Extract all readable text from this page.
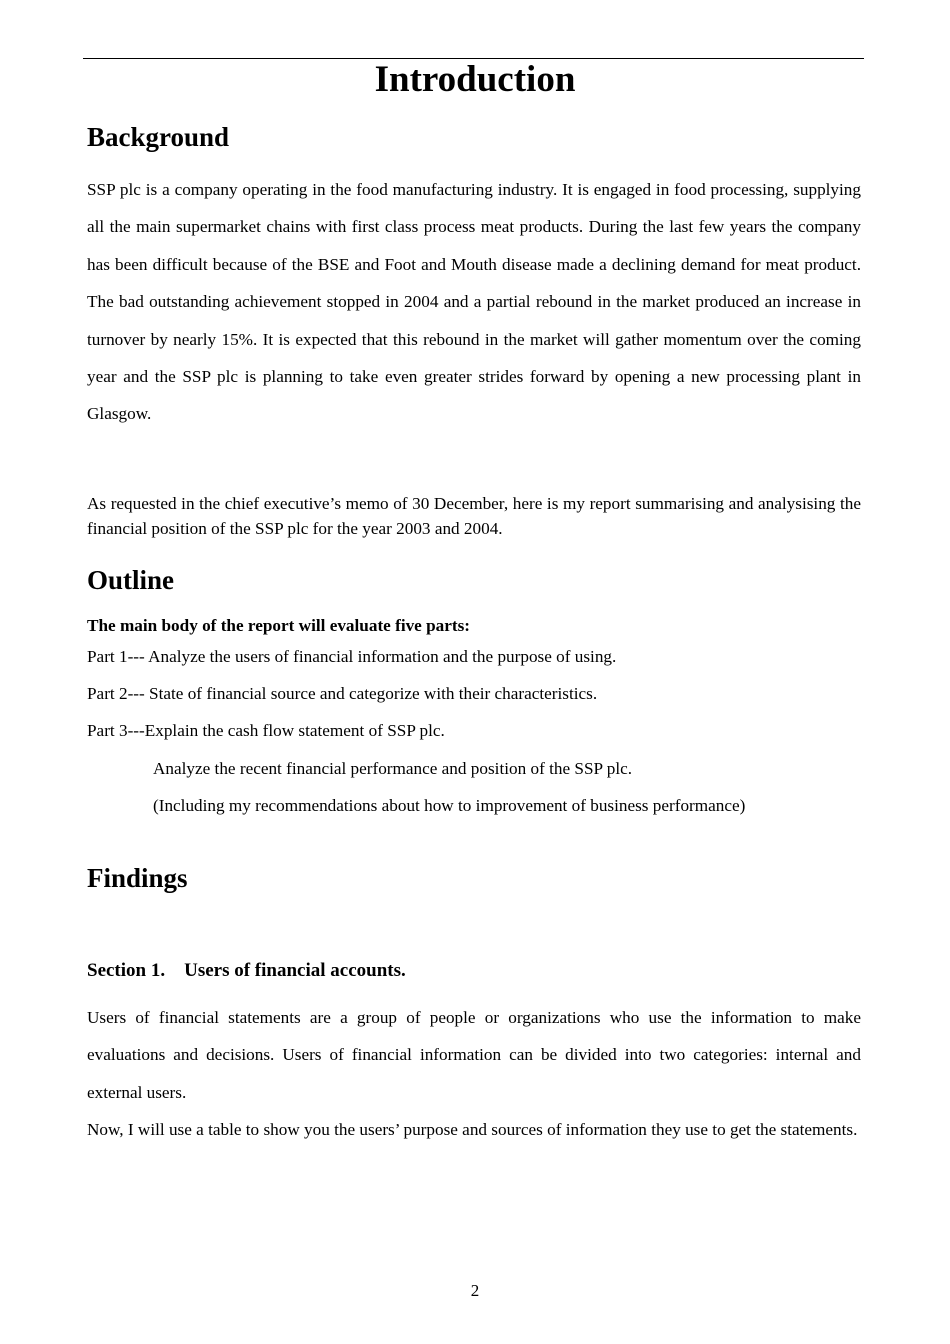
Introduction
Background

SSP plc is a company operating in the food manufacturing industry. It is engaged in food processing, supplying all the main supermarket chains with first class process meat products. During the last few years the company has been difficult because of the BSE and Foot and Mouth disease made a declining demand for meat product. The bad outstanding achievement stopped in 2004 and a partial rebound in the market produced an increase in turnover by nearly 15%. It is expected that this rebound in the market will gather momentum over the coming year and the SSP plc is planning to take even greater strides forward by opening a new processing plant in Glasgow.

As requested in the chief executive’s memo of 30 December, here is my report summarising and analysising the financial position of the SSP plc for the year 2003 and 2004.

Outline

The main body of the report will evaluate five parts:

Part 1--- Analyze the users of financial information and the purpose of using.

Part 2--- State of financial source and categorize with their characteristics.

Part 3---Explain the cash flow statement of SSP plc.

Analyze the recent financial performance and position of the SSP plc.

(Including my recommendations about how to improvement of business performance)

Findings
Section 1.    Users of financial accounts.

Users of financial statements are a group of people or organizations who use the information to make evaluations and decisions. Users of financial information can be divided into two categories: internal and external users.

Now, I will use a table to show you the users’ purpose and sources of information they use to get the statements.

2
